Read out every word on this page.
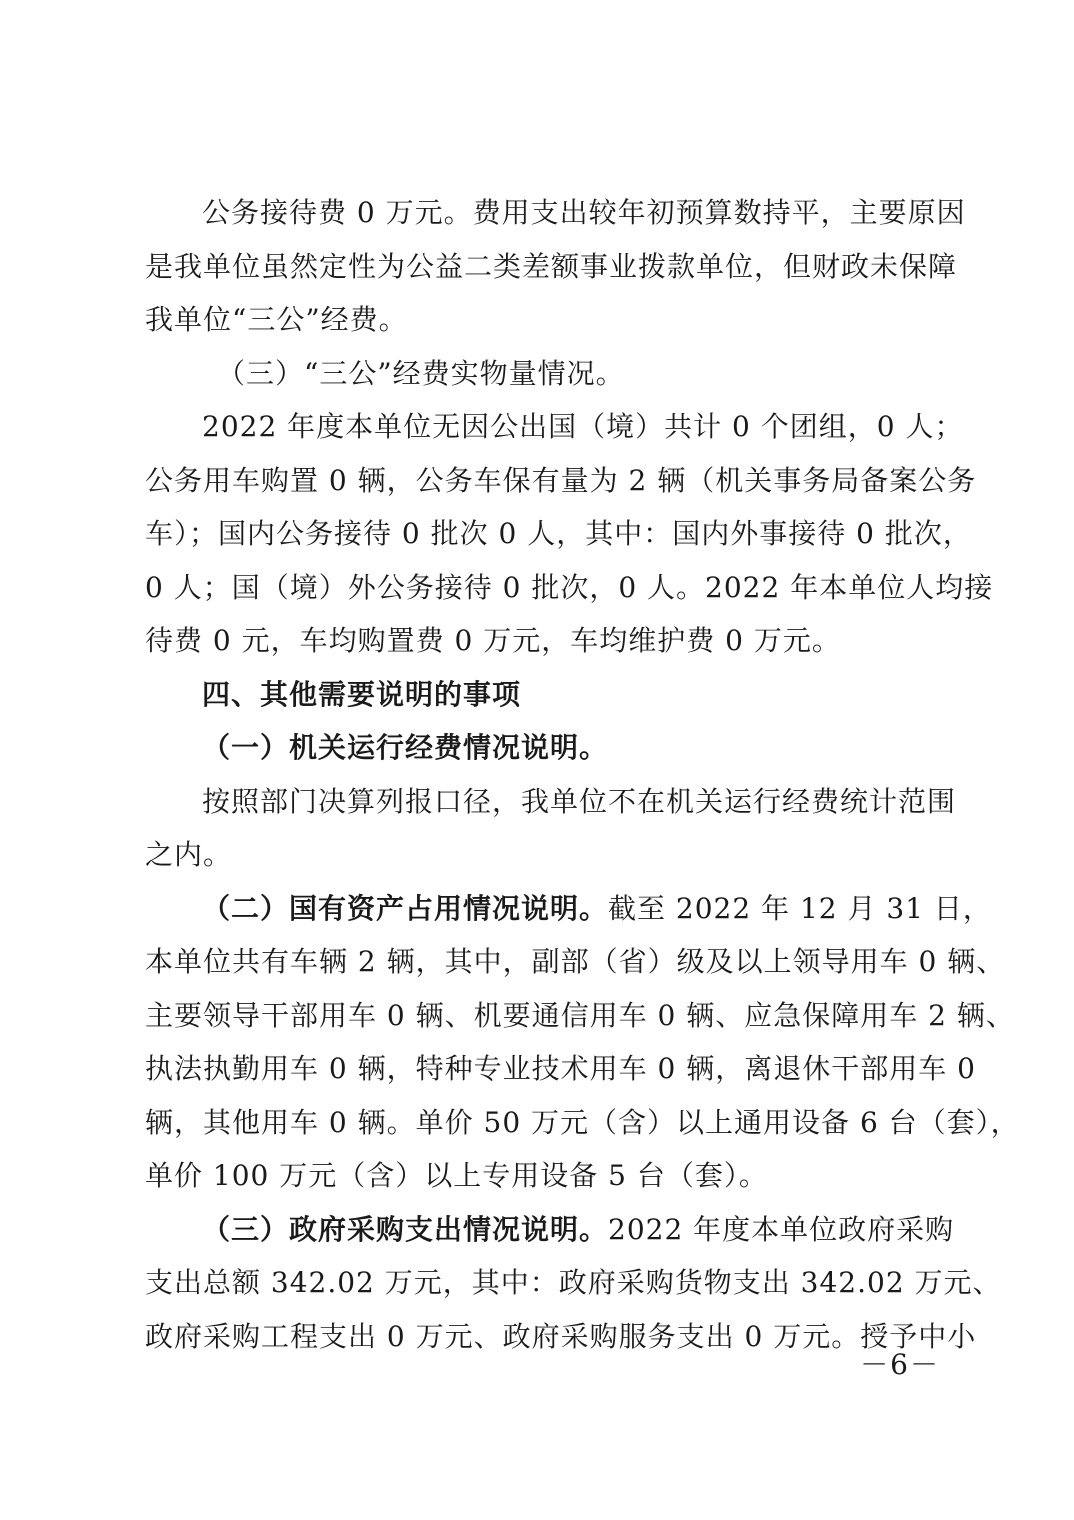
公务接待费 0 万元。费用支出较年初预算数持平，主要原因
是我单位虽然定性为公益二类差额事业拨款单位，但财政未保障
我单位“三公”经费。
（三）“三公”经费实物量情况。
2022 年度本单位无因公出国（境）共计 0 个团组，0 人；
公务用车购置 0 辆，公务车保有量为 2 辆（机关事务局备案公务
车）；国内公务接待 0 批次 0 人，其中：国内外事接待 0 批次，
0 人；国（境）外公务接待 0 批次，0 人。2022 年本单位人均接
待费 0 元，车均购置费 0 万元，车均维护费 0 万元。
四、其他需要说明的事项
（一）机关运行经费情况说明。
按照部门决算列报口径，我单位不在机关运行经费统计范围
之内。
（二）国有资产占用情况说明。截至 2022 年 12 月 31 日，
本单位共有车辆 2 辆，其中，副部（省）级及以上领导用车 0 辆、
主要领导干部用车 0 辆、机要通信用车 0 辆、应急保障用车 2 辆、
执法执勤用车 0 辆，特种专业技术用车 0 辆，离退休干部用车 0
辆，其他用车 0 辆。单价 50 万元（含）以上通用设备 6 台（套），
单价 100 万元（含）以上专用设备 5 台（套）。
（三）政府采购支出情况说明。2022 年度本单位政府采购
支出总额 342.02 万元，其中：政府采购货物支出 342.02 万元、
政府采购工程支出 0 万元、政府采购服务支出 0 万元。授予中小
－6－
